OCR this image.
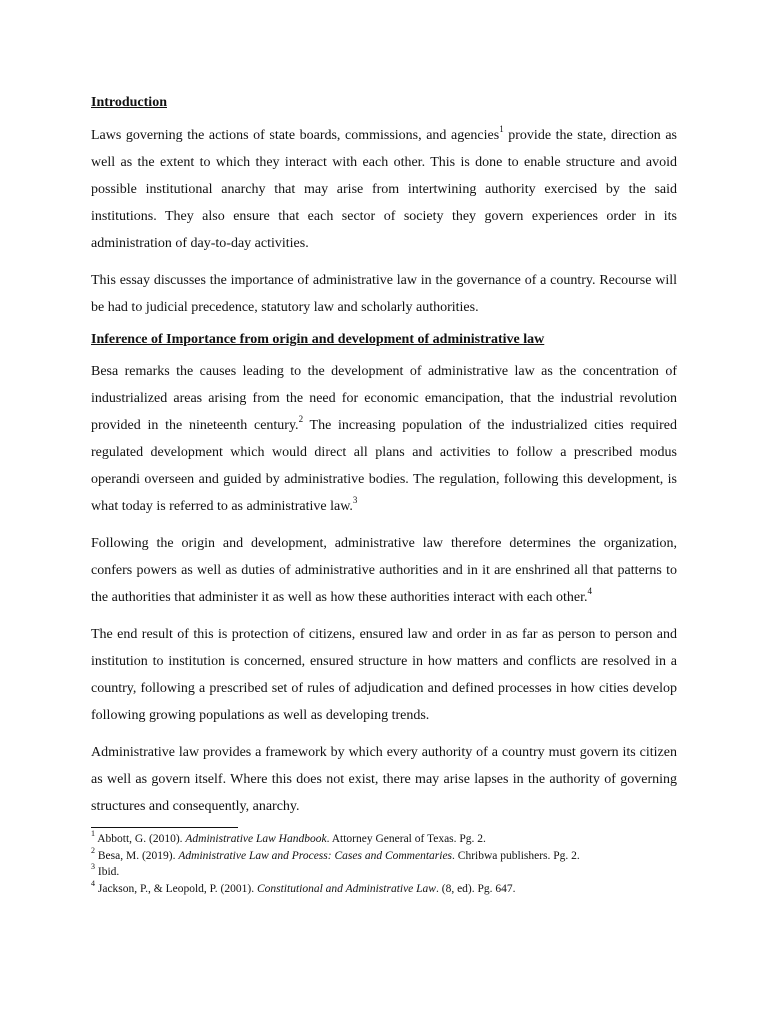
Introduction

Laws governing the actions of state boards, commissions, and agencies$^1$ provide the state, direction as well as the extent to which they interact with each other. This is done to enable structure and avoid possible institutional anarchy that may arise from intertwining authority exercised by the said institutions. They also ensure that each sector of society they govern experiences order in its administration of day-to-day activities.

This essay discusses the importance of administrative law in the governance of a country. Recourse will be had to judicial precedence, statutory law and scholarly authorities.

Inference of Importance from origin and development of administrative law

Besa remarks the causes leading to the development of administrative law as the concentration of industrialized areas arising from the need for economic emancipation, that the industrial revolution provided in the nineteenth century.$^2$ The increasing population of the industrialized cities required regulated development which would direct all plans and activities to follow a prescribed modus operandi overseen and guided by administrative bodies. The regulation, following this development, is what today is referred to as administrative law.$^3$

Following the origin and development, administrative law therefore determines the organization, confers powers as well as duties of administrative authorities and in it are enshrined all that patterns to the authorities that administer it as well as how these authorities interact with each other.$^4$

The end result of this is protection of citizens, ensured law and order in as far as person to person and institution to institution is concerned, ensured structure in how matters and conflicts are resolved in a country, following a prescribed set of rules of adjudication and defined processes in how cities develop following growing populations as well as developing trends.

Administrative law provides a framework by which every authority of a country must govern its citizen as well as govern itself. Where this does not exist, there may arise lapses in the authority of governing structures and consequently, anarchy.

$^1$ Abbott, G. (2010). Administrative Law Handbook. Attorney General of Texas. Pg. 2.

$^2$ Besa, M. (2019). Administrative Law and Process: Cases and Commentaries. Chribwa publishers. Pg. 2.

$^3$ Ibid.

$^4$ Jackson, P., & Leopold, P. (2001). Constitutional and Administrative Law. (8, ed). Pg. 647.
